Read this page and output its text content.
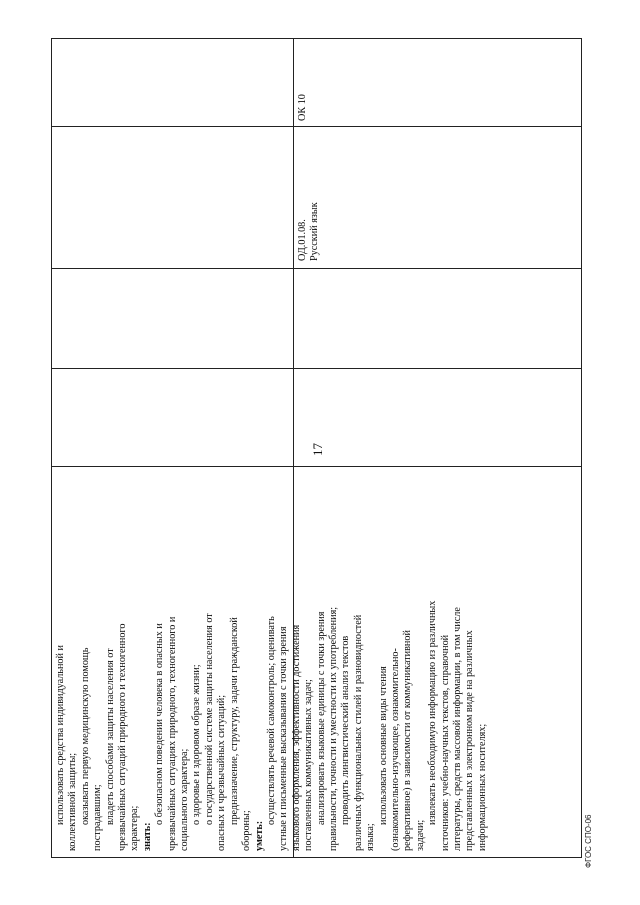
17
использовать средства индивидуальной и коллективной защиты; оказывать первую медицинскую помощь пострадавшим; владеть способами защиты населения от чрезвычайных ситуаций природного и техногенного характера; знать:
о безопасном поведении человека в опасных и чрезвычайных ситуациях природного, техногенного и социального характера; о здоровье и здоровом образе жизни; о государственной системе защиты населения от опасных и чрезвычайных ситуаций; предназначение, структуру, задачи гражданской
обороны; уметь:
осуществлять речевой самоконтроль; оценивать устные и письменные высказывания с точки зрения языкового оформления, эффективности достижения поставленных коммуникативных задач; анализировать языковые единицы с точки зрения правильности, точности и уместности их употребления; проводить лингвистический анализ текстов различных функциональных стилей и разновидностей языка;
использовать основные виды чтения (ознакомительно-изучающее, ознакомительно- реферативное) в зависимости от коммуникативной задачи;
извлекать необходимую информацию из различных источников: учебно-научных текстов, справочной литературы, средств массовой информации, в том числе представленных в электронном виде на различных информационных носителях;
ОД.01.08. Русский язык
ОК 10
ФГОС СПО-06
